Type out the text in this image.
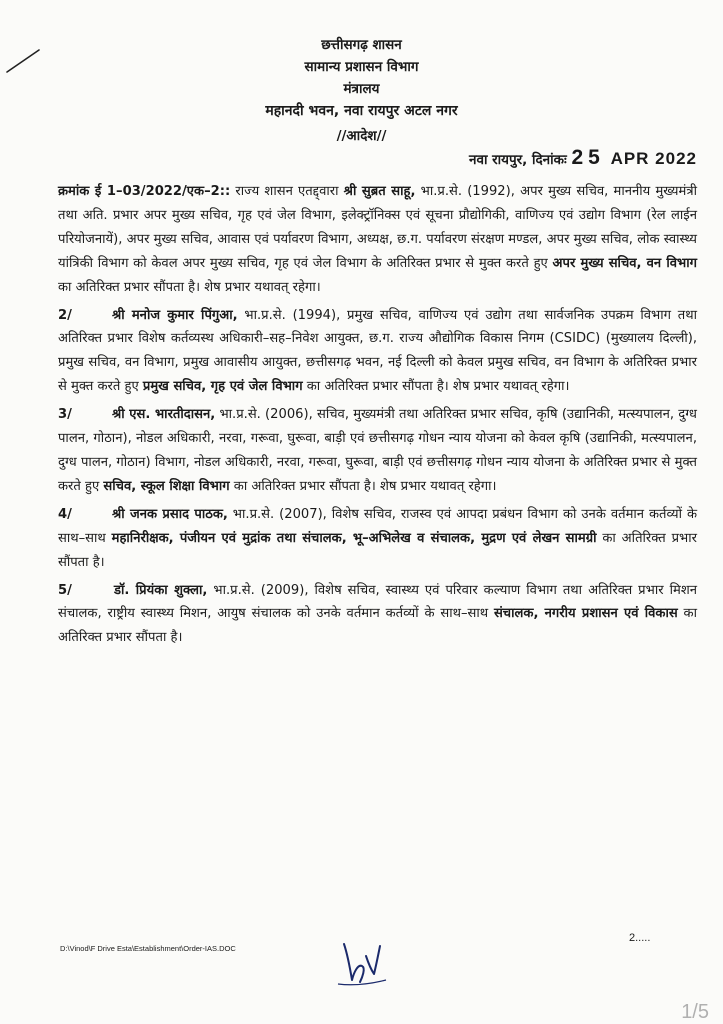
छत्तीसगढ़ शासन
सामान्य प्रशासन विभाग
मंत्रालय
महानदी भवन, नवा रायपुर अटल नगर
//आदेश//
नवा रायपुर, दिनांकः 25 APR 2022
क्रमांक ई 1–03/2022/एक–2:: राज्य शासन एतद्द्वारा श्री सुब्रत साहू, भा.प्र.से. (1992), अपर मुख्य सचिव, माननीय मुख्यमंत्री तथा अति. प्रभार अपर मुख्य सचिव, गृह एवं जेल विभाग, इलेक्ट्रॉनिक्स एवं सूचना प्रौद्योगिकी, वाणिज्य एवं उद्योग विभाग (रेल लाईन परियोजनायें), अपर मुख्य सचिव, आवास एवं पर्यावरण विभाग, अध्यक्ष, छ.ग. पर्यावरण संरक्षण मण्डल, अपर मुख्य सचिव, लोक स्वास्थ्य यांत्रिकी विभाग को केवल अपर मुख्य सचिव, गृह एवं जेल विभाग के अतिरिक्त प्रभार से मुक्त करते हुए अपर मुख्य सचिव, वन विभाग का अतिरिक्त प्रभार सौंपता है। शेष प्रभार यथावत् रहेगा।
2/	श्री मनोज कुमार पिंगुआ, भा.प्र.से. (1994), प्रमुख सचिव, वाणिज्य एवं उद्योग तथा सार्वजनिक उपक्रम विभाग तथा अतिरिक्त प्रभार विशेष कर्तव्यस्थ अधिकारी–सह–निवेश आयुक्त, छ.ग. राज्य औद्योगिक विकास निगम (CSIDC) (मुख्यालय दिल्ली), प्रमुख सचिव, वन विभाग, प्रमुख आवासीय आयुक्त, छत्तीसगढ़ भवन, नई दिल्ली को केवल प्रमुख सचिव, वन विभाग के अतिरिक्त प्रभार से मुक्त करते हुए प्रमुख सचिव, गृह एवं जेल विभाग का अतिरिक्त प्रभार सौंपता है। शेष प्रभार यथावत् रहेगा।
3/	श्री एस. भारतीदासन, भा.प्र.से. (2006), सचिव, मुख्यमंत्री तथा अतिरिक्त प्रभार सचिव, कृषि (उद्यानिकी, मत्स्यपालन, दुग्ध पालन, गोठान), नोडल अधिकारी, नरवा, गरूवा, घुरूवा, बाड़ी एवं छत्तीसगढ़ गोधन न्याय योजना को केवल कृषि (उद्यानिकी, मत्स्यपालन, दुग्ध पालन, गोठान) विभाग, नोडल अधिकारी, नरवा, गरूवा, घुरूवा, बाड़ी एवं छत्तीसगढ़ गोधन न्याय योजना के अतिरिक्त प्रभार से मुक्त करते हुए सचिव, स्कूल शिक्षा विभाग का अतिरिक्त प्रभार सौंपता है। शेष प्रभार यथावत् रहेगा।
4/	श्री जनक प्रसाद पाठक, भा.प्र.से. (2007), विशेष सचिव, राजस्व एवं आपदा प्रबंधन विभाग को उनके वर्तमान कर्तव्यों के साथ–साथ महानिरीक्षक, पंजीयन एवं मुद्रांक तथा संचालक, भू–अभिलेख व संचालक, मुद्रण एवं लेखन सामग्री का अतिरिक्त प्रभार सौंपता है।
5/	डॉ. प्रियंका शुक्ला, भा.प्र.से. (2009), विशेष सचिव, स्वास्थ्य एवं परिवार कल्याण विभाग तथा अतिरिक्त प्रभार मिशन संचालक, राष्ट्रीय स्वास्थ्य मिशन, आयुष संचालक को उनके वर्तमान कर्तव्यों के साथ–साथ संचालक, नगरीय प्रशासन एवं विकास का अतिरिक्त प्रभार सौंपता है।
2.....
D:\Vinod\F Drive Esta\Establishment\Order-IAS.DOC
1/5
